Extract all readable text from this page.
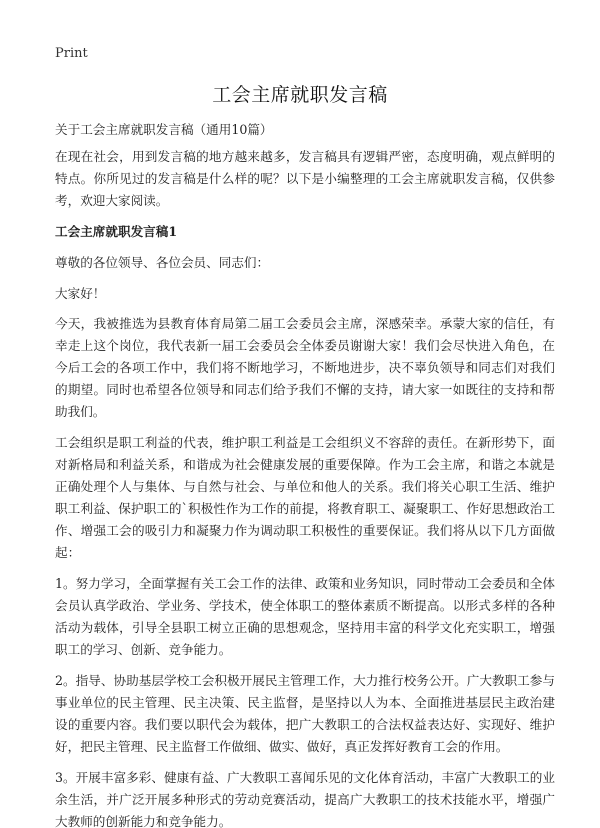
Print
工会主席就职发言稿

关于工会主席就职发言稿（通用10篇）

在现在社会，用到发言稿的地方越来越多，发言稿具有逻辑严密，态度明确，观点鲜明的特点。你所见过的发言稿是什么样的呢？以下是小编整理的工会主席就职发言稿，仅供参考，欢迎大家阅读。

工会主席就职发言稿1

尊敬的各位领导、各位会员、同志们：

大家好！

今天，我被推选为县教育体育局第二届工会委员会主席，深感荣幸。承蒙大家的信任，有幸走上这个岗位，我代表新一届工会委员会全体委员谢谢大家！我们会尽快进入角色，在今后工会的各项工作中，我们将不断地学习，不断地进步，决不辜负领导和同志们对我们的期望。同时也希望各位领导和同志们给予我们不懈的支持，请大家一如既往的支持和帮助我们。

工会组织是职工利益的代表，维护职工利益是工会组织义不容辞的责任。在新形势下，面对新格局和利益关系，和谐成为社会健康发展的重要保障。作为工会主席，和谐之本就是正确处理个人与集体、与自然与社会、与单位和他人的关系。我们将关心职工生活、维护职工利益、保护职工的`积极性作为工作的前提，将教育职工、凝聚职工、作好思想政治工作、增强工会的吸引力和凝聚力作为调动职工积极性的重要保证。我们将从以下几方面做起：

1。努力学习，全面掌握有关工会工作的法律、政策和业务知识，同时带动工会委员和全体会员认真学政治、学业务、学技术，使全体职工的整体素质不断提高。以形式多样的各种活动为载体，引导全县职工树立正确的思想观念，坚持用丰富的科学文化充实职工，增强职工的学习、创新、竞争能力。

2。指导、协助基层学校工会积极开展民主管理工作，大力推行校务公开。广大教职工参与事业单位的民主管理、民主决策、民主监督，是坚持以人为本、全面推进基层民主政治建设的重要内容。我们要以职代会为载体，把广大教职工的合法权益表达好、实现好、维护好，把民主管理、民主监督工作做细、做实、做好，真正发挥好教育工会的作用。

3。开展丰富多彩、健康有益、广大教职工喜闻乐见的文化体育活动，丰富广大教职工的业余生活，并广泛开展多种形式的劳动竞赛活动，提高广大教职工的技术技能水平，增强广大教师的创新能力和竞争能力。
